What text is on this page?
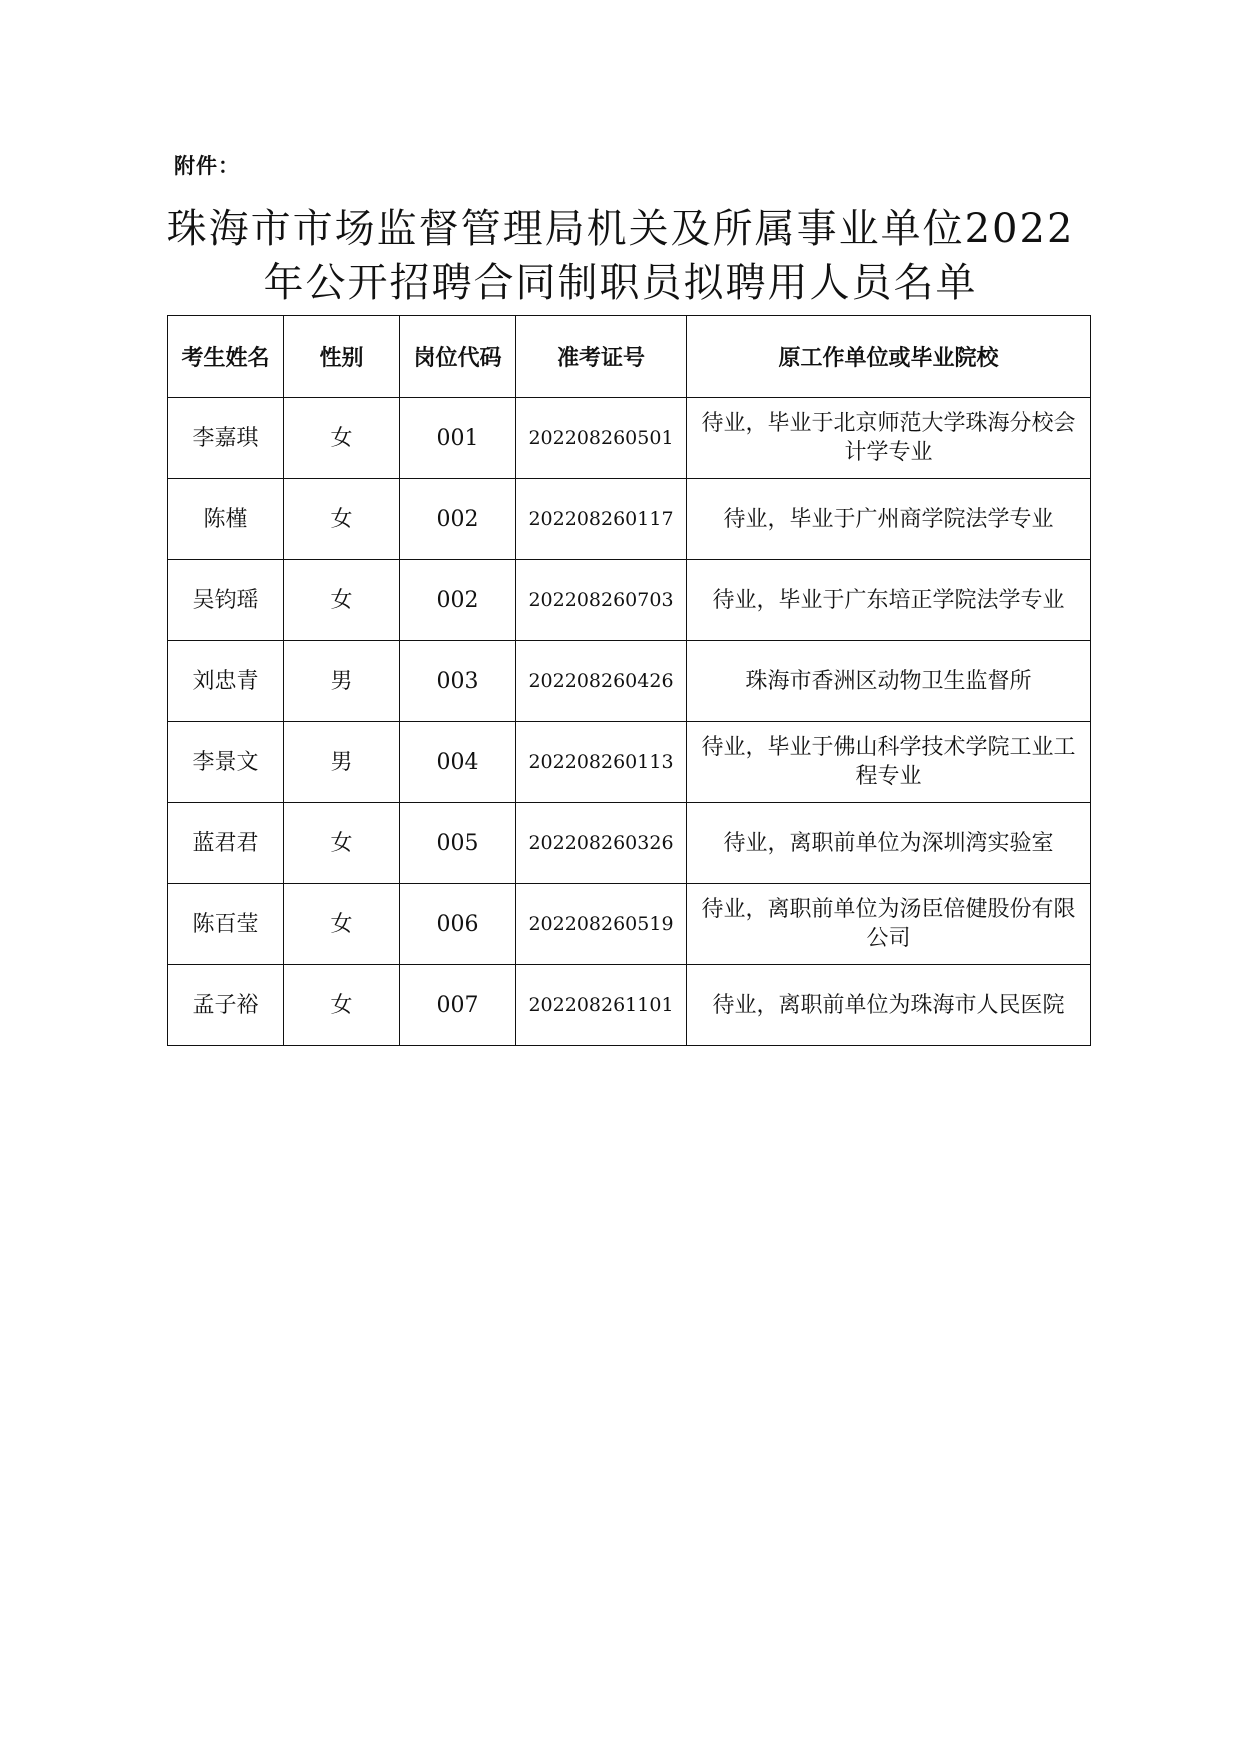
附件：
珠海市市场监督管理局机关及所属事业单位2022
年公开招聘合同制职员拟聘用人员名单
考生姓名	性别	岗位代码	准考证号	原工作单位或毕业院校
李嘉琪	女	001	202208260501	待业，毕业于北京师范大学珠海分校会计学专业
陈槿	女	002	202208260117	待业，毕业于广州商学院法学专业
吴钧瑶	女	002	202208260703	待业，毕业于广东培正学院法学专业
刘忠青	男	003	202208260426	珠海市香洲区动物卫生监督所
李景文	男	004	202208260113	待业，毕业于佛山科学技术学院工业工程专业
蓝君君	女	005	202208260326	待业，离职前单位为深圳湾实验室
陈百莹	女	006	202208260519	待业，离职前单位为汤臣倍健股份有限公司
孟子裕	女	007	202208261101	待业，离职前单位为珠海市人民医院
